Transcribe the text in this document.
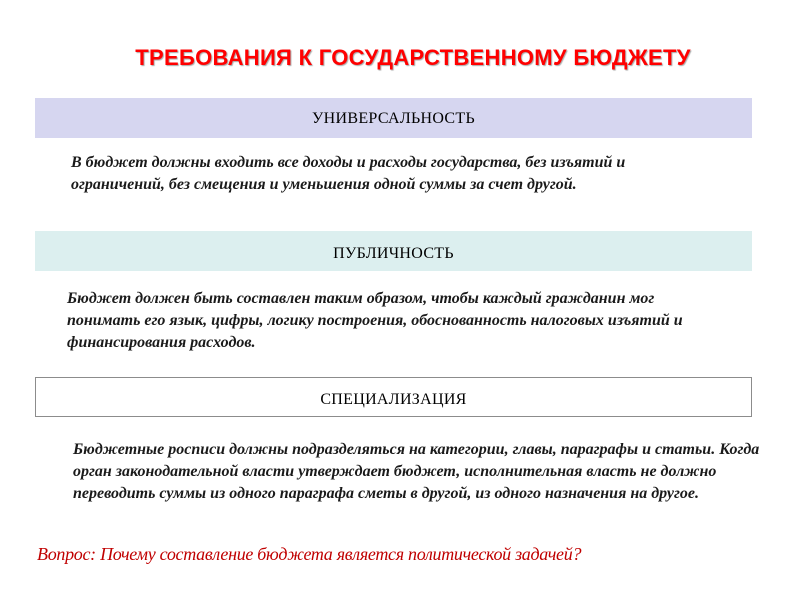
ТРЕБОВАНИЯ К ГОСУДАРСТВЕННОМУ БЮДЖЕТУ
УНИВЕРСАЛЬНОСТЬ

В бюджет должны входить все доходы и расходы государства, без изъятий и ограничений, без смещения и уменьшения одной суммы за счет другой.

ПУБЛИЧНОСТЬ

Бюджет должен быть составлен таким образом, чтобы каждый гражданин мог понимать его язык, цифры, логику построения, обоснованность налоговых изъятий и финансирования расходов.

СПЕЦИАЛИЗАЦИЯ

Бюджетные росписи должны подразделяться на категории, главы, параграфы и статьи. Когда орган законодательной власти утверждает бюджет, исполнительная власть не должно переводить суммы из одного параграфа сметы в другой, из одного назначения на другое.

Вопрос: Почему составление бюджета является политической задачей?
